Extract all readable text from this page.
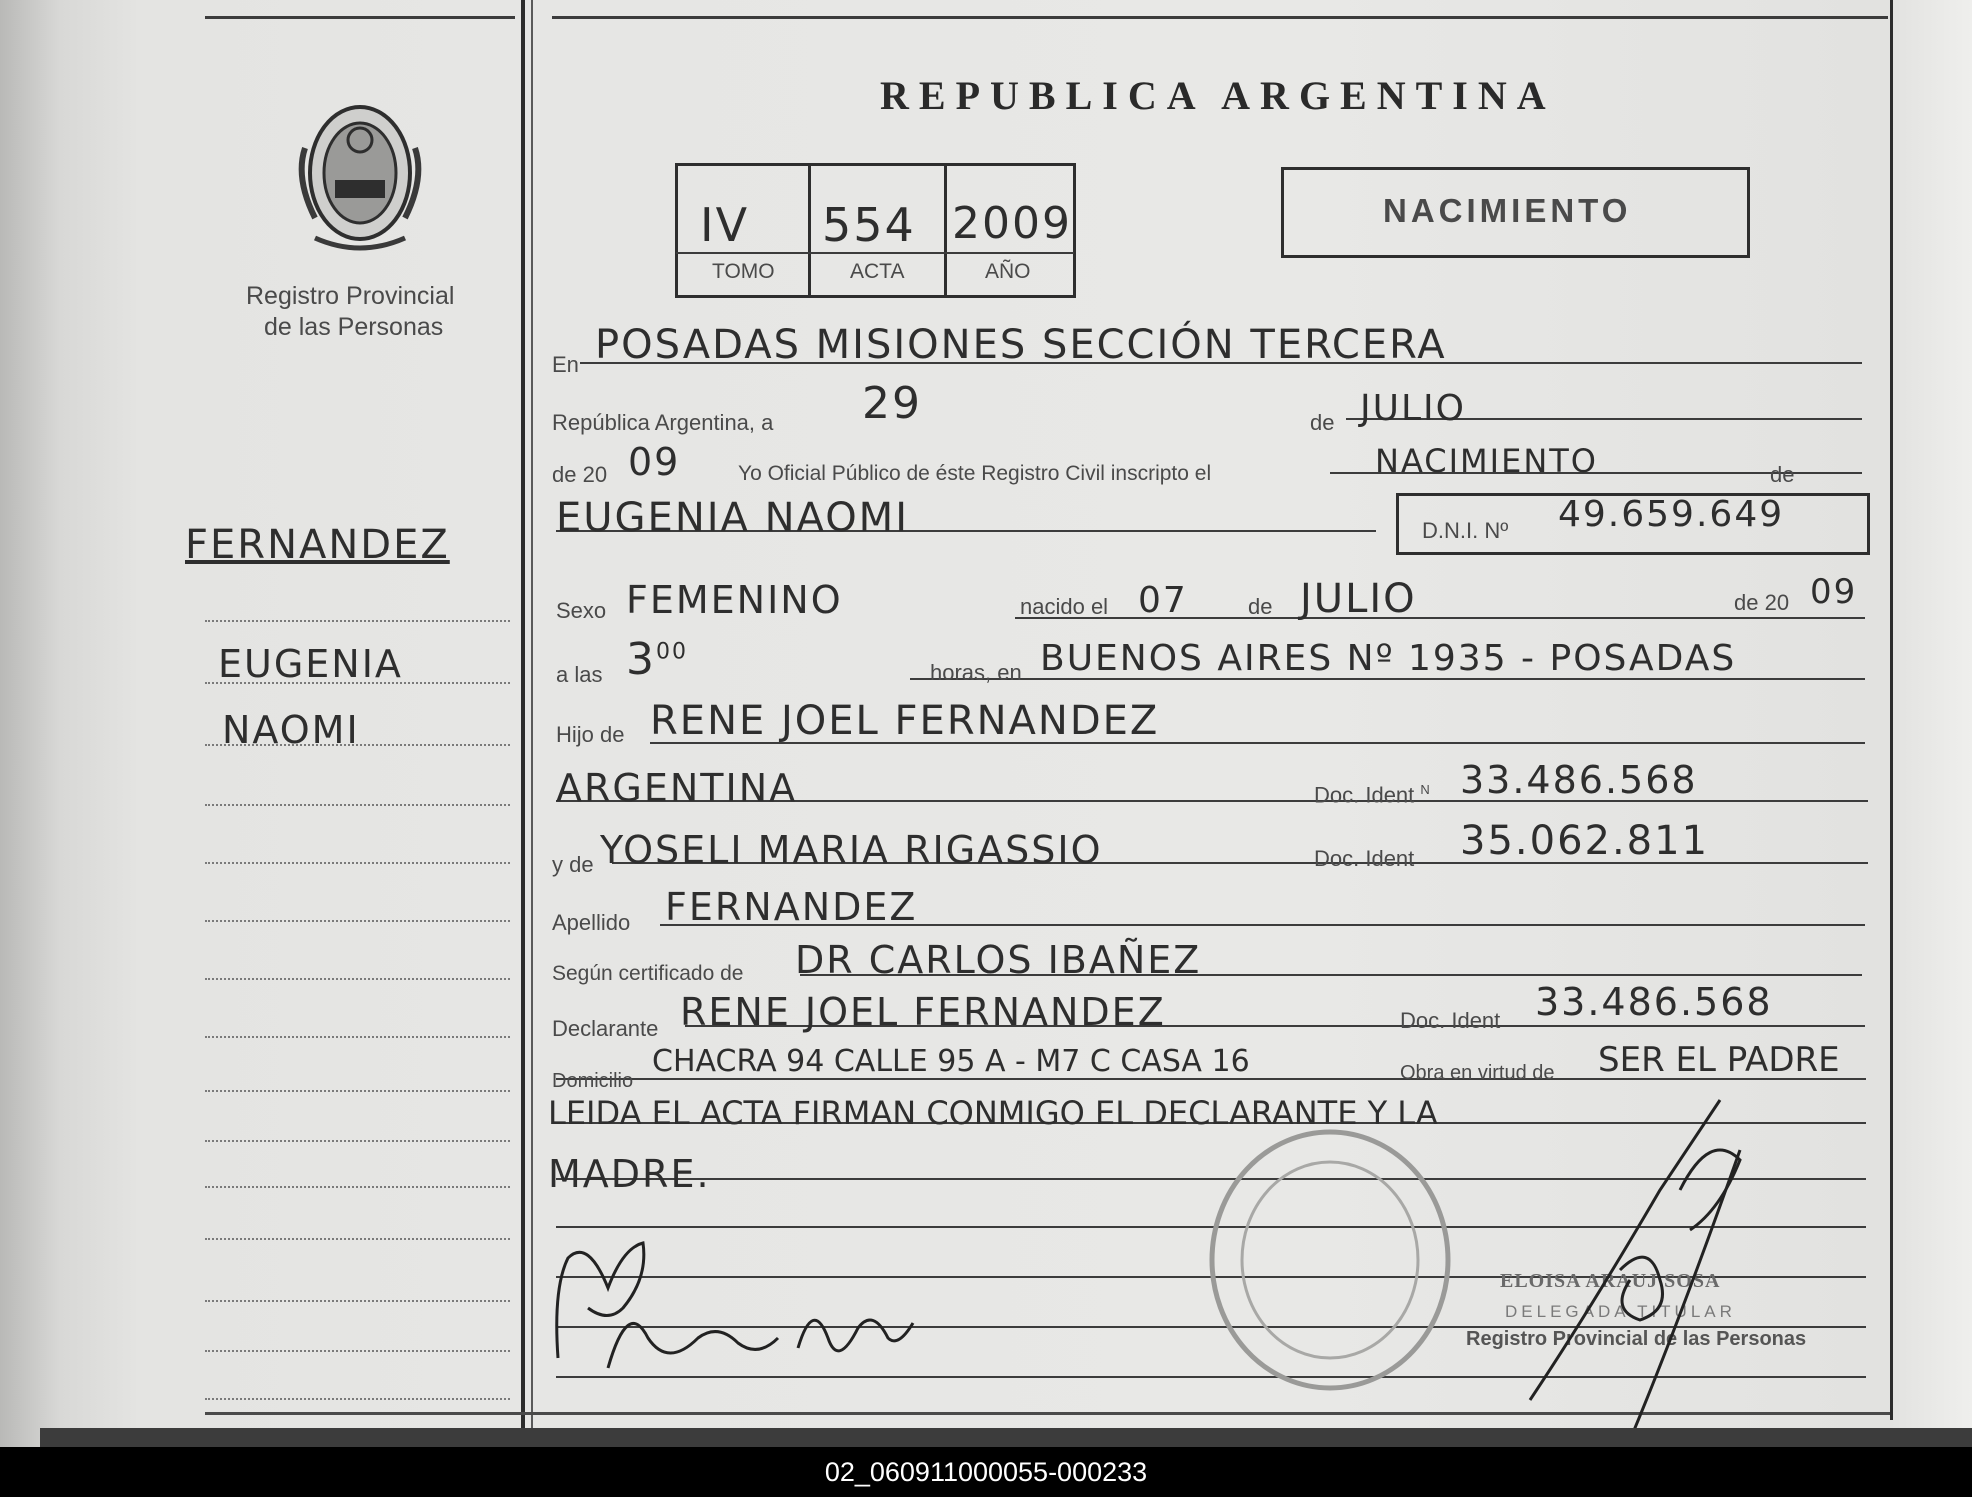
Registro Provincial
de las Personas
FERNANDEZ
EUGENIA
NAOMI
REPUBLICA ARGENTINA
IV 554 2009
TOMO	ACTA	AÑO
NACIMIENTO
En POSADAS MISIONES SECCIÓN TERCERA
República Argentina, a 29	de JULIO
de 20 09	Yo Oficial Público de éste Registro Civil inscripto el	NACIMIENTO	de
EUGENIA NAOMI	D.N.I. Nº 49.659.649
Sexo FEMENINO	nacido el 07	de JULIO	de 20 09
a las $3^{00}$
horas, en BUENOS AIRES Nº 1935 - POSADAS
Hijo de RENE JOEL FERNANDEZ
ARGENTINA	Doc. Ident $^N$ 33.486.568
y de YOSELI MARIA RIGASSIO	Doc. Ident 35.062.811
Apellido FERNANDEZ
Según certificado de DR CARLOS IBAÑEZ
Declarante RENE JOEL FERNANDEZ	Doc. Ident 33.486.568
Domicilio
CHACRA 94 CALLE 95 A - M7 C CASA 16	Obra en virtud de SER EL PADRE
LEIDA EL ACTA FIRMAN CONMIGO EL DECLARANTE Y LA
MADRE.
ELOISA ARAUJ SOSA
DELEGADA TITULAR
Registro Provincial de las Personas
02_060911000055-000233
